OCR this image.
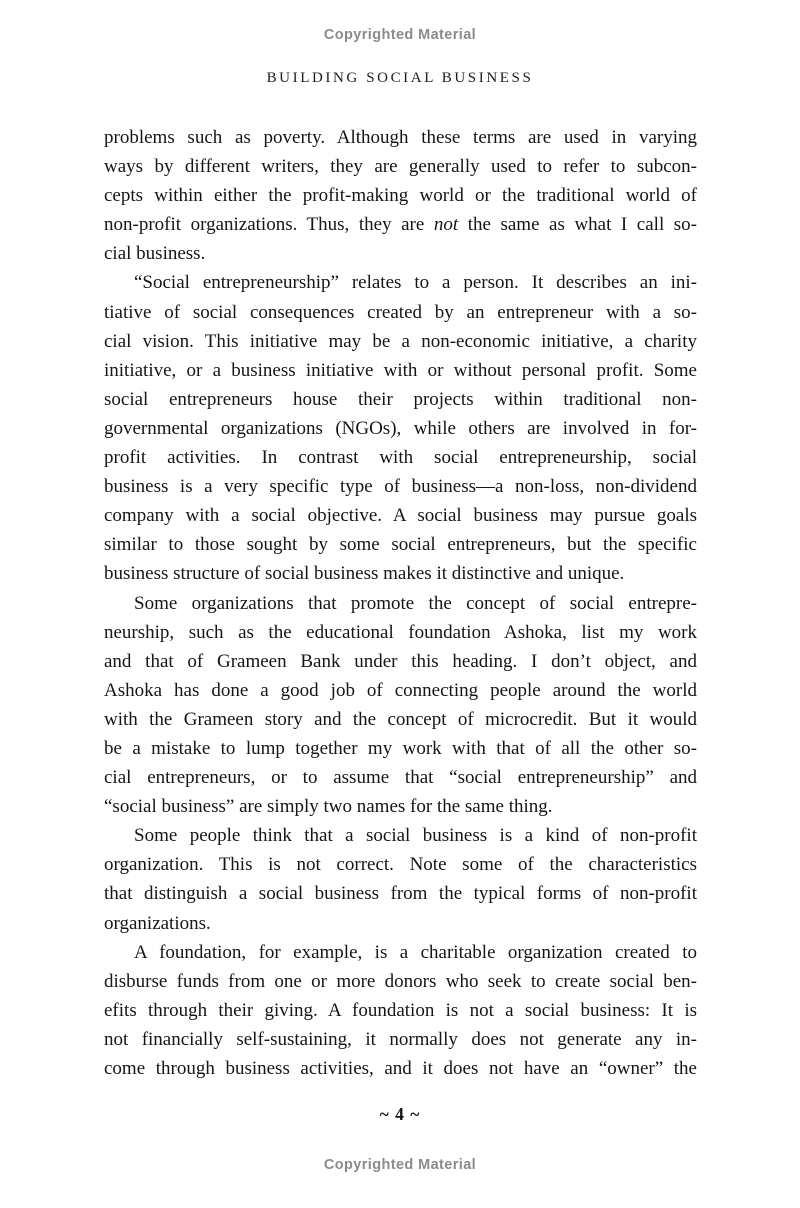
Copyrighted Material
BUILDING SOCIAL BUSINESS
problems such as poverty. Although these terms are used in varying
ways by different writers, they are generally used to refer to subcon-
cepts within either the profit-making world or the traditional world of
non-profit organizations. Thus, they are not the same as what I call so-
cial business.
“Social entrepreneurship” relates to a person. It describes an ini-
tiative of social consequences created by an entrepreneur with a so-
cial vision. This initiative may be a non-economic initiative, a charity
initiative, or a business initiative with or without personal profit. Some
social entrepreneurs house their projects within traditional non-
governmental organizations (NGOs), while others are involved in for-
profit activities. In contrast with social entrepreneurship, social
business is a very specific type of business—a non-loss, non-dividend
company with a social objective. A social business may pursue goals
similar to those sought by some social entrepreneurs, but the specific
business structure of social business makes it distinctive and unique.
Some organizations that promote the concept of social entrepre-
neurship, such as the educational foundation Ashoka, list my work
and that of Grameen Bank under this heading. I don’t object, and
Ashoka has done a good job of connecting people around the world
with the Grameen story and the concept of microcredit. But it would
be a mistake to lump together my work with that of all the other so-
cial entrepreneurs, or to assume that “social entrepreneurship” and
“social business” are simply two names for the same thing.
Some people think that a social business is a kind of non-profit
organization. This is not correct. Note some of the characteristics
that distinguish a social business from the typical forms of non-profit
organizations.
A foundation, for example, is a charitable organization created to
disburse funds from one or more donors who seek to create social ben-
efits through their giving. A foundation is not a social business: It is
not financially self-sustaining, it normally does not generate any in-
come through business activities, and it does not have an “owner” the
~ 4 ~
Copyrighted Material
